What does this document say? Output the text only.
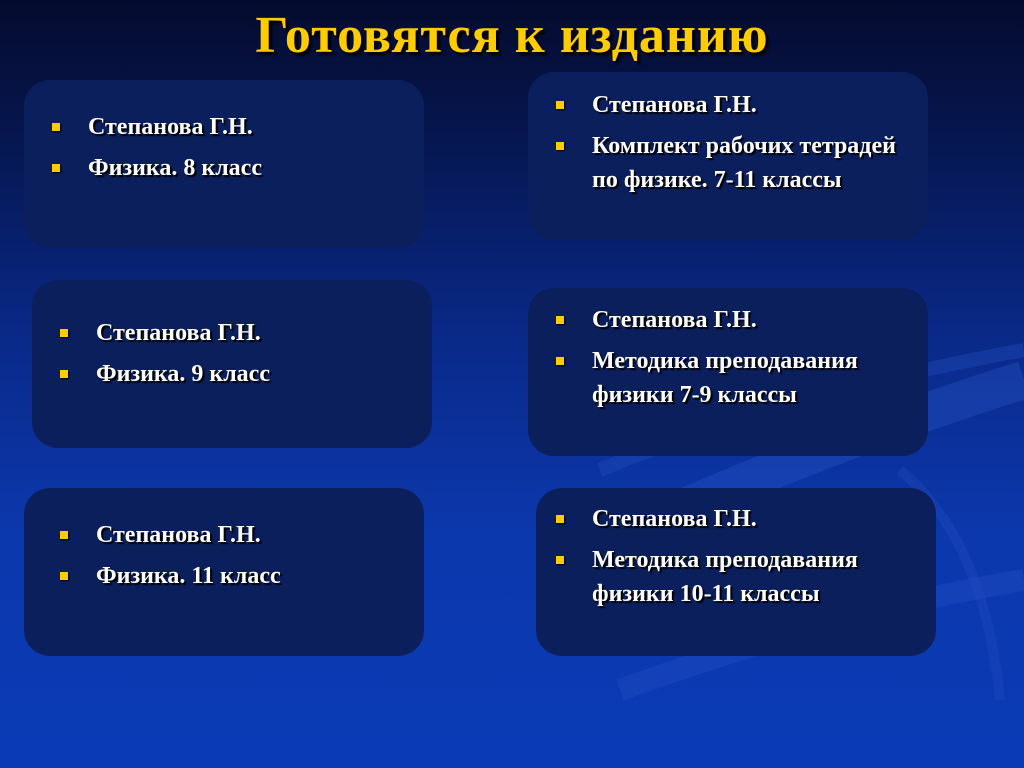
Готовятся к изданию
Степанова Г.Н.
Физика. 8 класс
Степанова Г.Н.
Комплект рабочих тетрадей по физике. 7-11 классы
Степанова Г.Н.
Физика. 9 класс
Степанова Г.Н.
Методика преподавания физики 7-9 классы
Степанова Г.Н.
Физика. 11 класс
Степанова Г.Н.
Методика преподавания физики 10-11 классы
